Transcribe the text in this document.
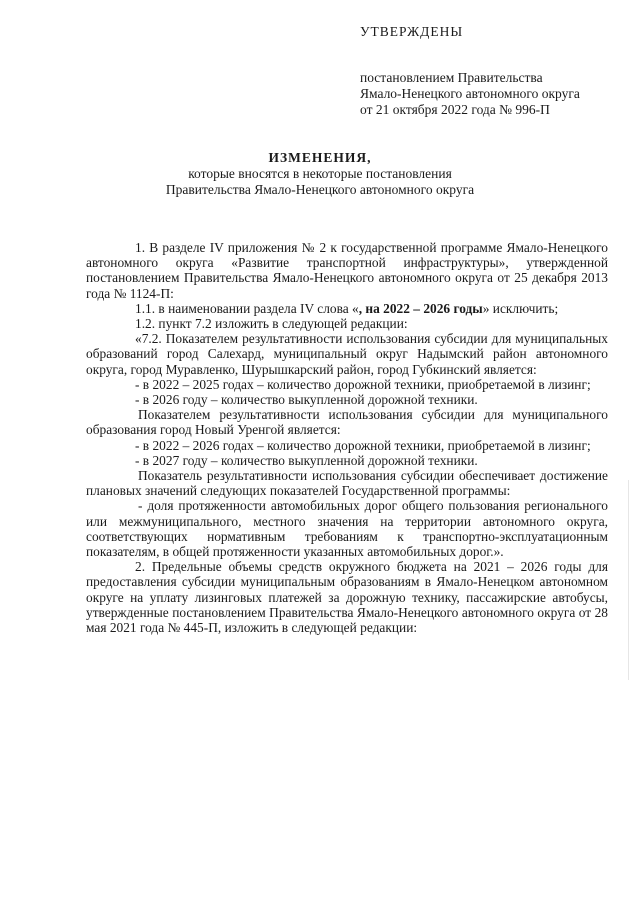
УТВЕРЖДЕНЫ
постановлением Правительства
Ямало-Ненецкого автономного округа
от 21 октября 2022 года № 996-П
ИЗМЕНЕНИЯ,
которые вносятся в некоторые постановления
Правительства Ямало-Ненецкого автономного округа

1. В разделе IV приложения № 2 к государственной программе Ямало-Ненецкого автономного округа «Развитие транспортной инфраструктуры», утвержденной постановлением Правительства Ямало-Ненецкого автономного округа от 25 декабря 2013 года № 1124-П:

1.1. в наименовании раздела IV слова «, на 2022 – 2026 годы» исключить;

1.2. пункт 7.2 изложить в следующей редакции:

«7.2. Показателем результативности использования субсидии для муниципальных образований город Салехард, муниципальный округ Надымский район автономного округа, город Муравленко, Шурышкарский район, город Губкинский является:

- в 2022 – 2025 годах – количество дорожной техники, приобретаемой в лизинг;

- в 2026 году – количество выкупленной дорожной техники.

Показателем результативности использования субсидии для муниципального образования город Новый Уренгой является:

- в 2022 – 2026 годах – количество дорожной техники, приобретаемой в лизинг;

- в 2027 году – количество выкупленной дорожной техники.

Показатель результативности использования субсидии обеспечивает достижение плановых значений следующих показателей Государственной программы:

- доля протяженности автомобильных дорог общего пользования регионального или межмуниципального, местного значения на территории автономного округа, соответствующих нормативным требованиям к транспортно-эксплуатационным показателям, в общей протяженности указанных автомобильных дорог.».

2. Предельные объемы средств окружного бюджета на 2021 – 2026 годы для предоставления субсидии муниципальным образованиям в Ямало-Ненецком автономном округе на уплату лизинговых платежей за дорожную технику, пассажирские автобусы, утвержденные постановлением Правительства Ямало-Ненецкого автономного округа от 28 мая 2021 года № 445-П, изложить в следующей редакции:
